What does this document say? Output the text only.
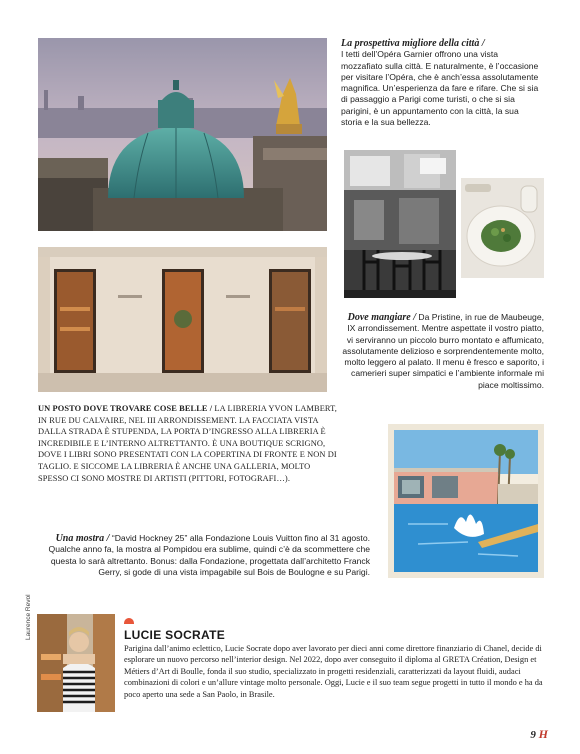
La prospettiva migliore della città /

I tetti dell’Opéra Garnier offrono una vista mozzafiato sulla città. E naturalmente, è l’occasione per visitare l’Opéra, che è anch’essa assolutamente magnifica. Un’esperienza da fare e rifare. Che si sia di passaggio a Parigi come turisti, o che si sia parigini, è un appuntamento con la città, la sua storia e la sua bellezza.

Dove mangiare / Da Pristine, in rue de Maubeuge, IX arrondissement. Mentre aspettate il vostro piatto, vi serviranno un piccolo burro montato e affumicato, assolutamente delizioso e sorprendentemente molto, molto leggero al palato. Il menu è fresco e saporito, i camerieri super simpatici e l’ambiente informale mi piace moltissimo.

UN POSTO DOVE TROVARE COSE BELLE / LA LIBRERIA YVON LAMBERT, IN RUE DU CALVAIRE, NEL III ARRONDISSEMENT. LA FACCIATA VISTA DALLA STRADA È STUPENDA, LA PORTA D’INGRESSO ALLA LIBRERIA È INCREDIBILE E L’INTERNO ALTRETTANTO. È UNA BOUTIQUE SCRIGNO, DOVE I LIBRI SONO PRESENTATI CON LA COPERTINA DI FRONTE E NON DI TAGLIO. E SICCOME LA LIBRERIA È ANCHE UNA GALLERIA, MOLTO SPESSO CI SONO MOSTRE DI ARTISTI (PITTORI, FOTOGRAFI…).

Una mostra / “David Hockney 25” alla Fondazione Louis Vuitton fino al 31 agosto. Qualche anno fa, la mostra al Pompidou era sublime, quindi c’è da scommettere che questa lo sarà altrettanto. Bonus: dalla Fondazione, progettata dall’architetto Franck Gerry, si gode di una vista impagabile sul Bois de Boulogne e su Parigi.

Laurence Revol	LUCIE SOCRATE
Parigina dall’animo eclettico, Lucie Socrate dopo aver lavorato per dieci anni come direttore finanziario di Chanel, decide di esplorare un nuovo percorso nell’interior design. Nel 2022, dopo aver conseguito il diploma al GRETA Création, Design et Métiers d’Art di Boulle, fonda il suo studio, specializzato in progetti residenziali, caratterizzati da layout fluidi, audaci combinazioni di colori e un’allure vintage molto personale. Oggi, Lucie e il suo team segue progetti in tutto il mondo e ha da poco aperto una sede a San Paolo, in Brasile.
9 H
